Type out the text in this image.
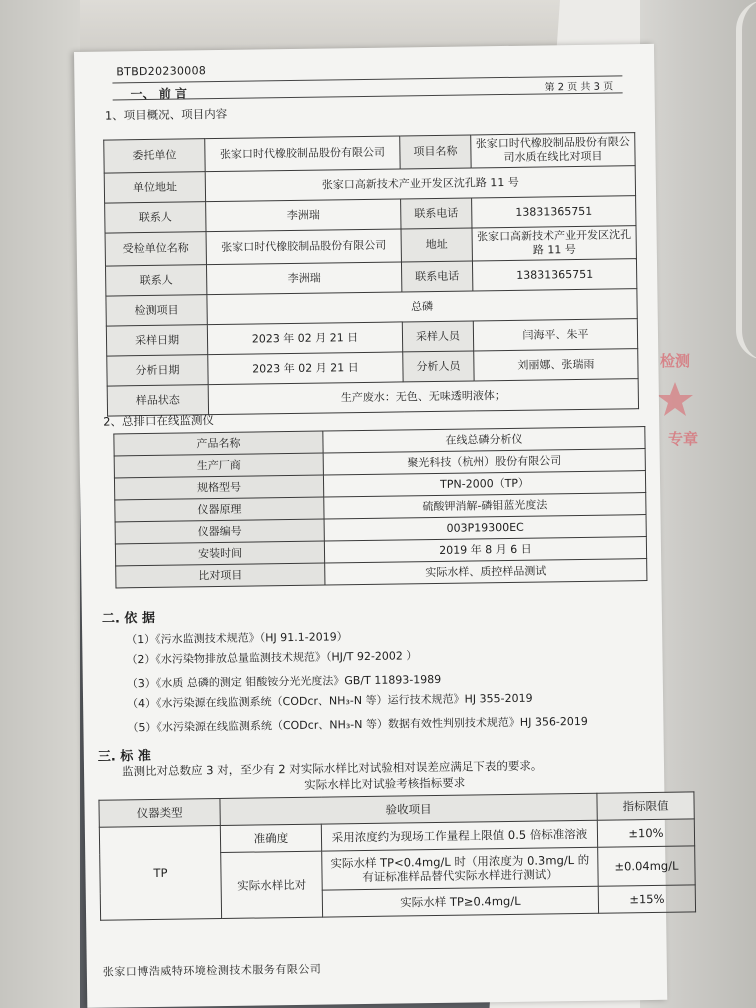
检测
专章
BTBD20230008
一、 前 言	第 2 页 共 3 页
1、项目概况、项目内容
委托单位	张家口时代橡胶制品股份有限公司	项目名称	张家口时代橡胶制品股份有限公司水质在线比对项目
单位地址	张家口高新技术产业开发区沈孔路 11 号		
联系人	李洲瑞	联系电话	13831365751
受检单位名称	张家口时代橡胶制品股份有限公司	地址	张家口高新技术产业开发区沈孔路 11 号
联系人	李洲瑞	联系电话	13831365751
检测项目	总磷		
采样日期	2023 年 02 月 21 日	采样人员	闫海平、朱平
分析日期	2023 年 02 月 21 日	分析人员	刘丽娜、张瑞雨
样品状态	生产废水：无色、无味透明液体；		
2、总排口在线监测仪
产品名称	在线总磷分析仪
生产厂商	聚光科技（杭州）股份有限公司
规格型号	TPN-2000（TP）
仪器原理	硫酸钾消解-磷钼蓝光度法
仪器编号	003P19300EC
安装时间	2019 年 8 月 6 日
比对项目	实际水样、质控样品测试
二. 依 据
（1）《污水监测技术规范》（HJ 91.1-2019）
（2）《水污染物排放总量监测技术规范》（HJ/T 92-2002 ）
（3）《水质 总磷的测定 钼酸铵分光光度法》GB/T 11893-1989
（4）《水污染源在线监测系统（CODcr、NH₃-N 等）运行技术规范》HJ 355-2019
（5）《水污染源在线监测系统（CODcr、NH₃-N 等）数据有效性判别技术规范》HJ 356-2019
三. 标 准
监测比对总数应 3 对，至少有 2 对实际水样比对试验相对误差应满足下表的要求。
实际水样比对试验考核指标要求
仪器类型	验收项目		指标限值
TP	准确度	采用浓度约为现场工作量程上限值 0.5 倍标准溶液	±10%
	实际水样比对	实际水样 TP<0.4mg/L 时（用浓度为 0.3mg/L 的有证标准样品替代实际水样进行测试）	±0.04mg/L
		实际水样 TP≥0.4mg/L	±15%
张家口博浩威特环境检测技术服务有限公司
